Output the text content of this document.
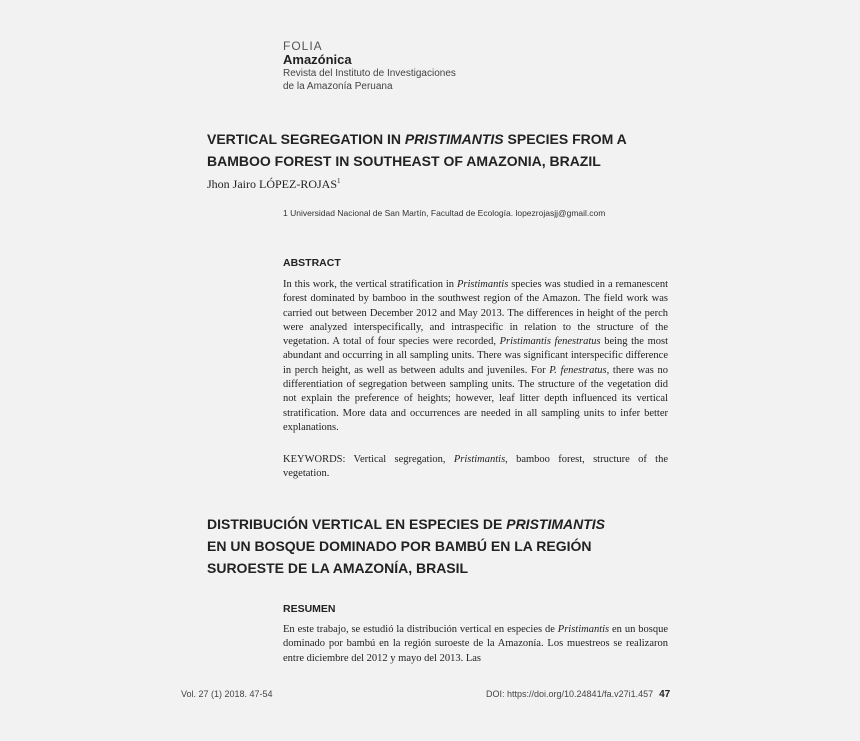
FOLIA
Amazónica
Revista del Instituto de Investigaciones
de la Amazonía Peruana
VERTICAL SEGREGATION IN PRISTIMANTIS SPECIES FROM A BAMBOO FOREST IN SOUTHEAST OF AMAZONIA, BRAZIL
Jhon Jairo LÓPEZ-ROJAS$^1$
1 Universidad Nacional de San Martín, Facultad de Ecología. lopezrojasjj@gmail.com
ABSTRACT
In this work, the vertical stratification in Pristimantis species was studied in a remanescent forest dominated by bamboo in the southwest region of the Amazon. The field work was carried out between December 2012 and May 2013. The differences in height of the perch were analyzed interspecifically, and intraspecific in relation to the structure of the vegetation. A total of four species were recorded, Pristimantis fenestratus being the most abundant and occurring in all sampling units. There was significant interspecific difference in perch height, as well as between adults and juveniles. For P. fenestratus, there was no differentiation of segregation between sampling units. The structure of the vegetation did not explain the preference of heights; however, leaf litter depth influenced its vertical stratification. More data and occurrences are needed in all sampling units to infer better explanations.
KEYWORDS: Vertical segregation, Pristimantis, bamboo forest, structure of the vegetation.
DISTRIBUCIÓN VERTICAL EN ESPECIES DE PRISTIMANTIS
EN UN BOSQUE DOMINADO POR BAMBÚ EN LA REGIÓN SUROESTE DE LA AMAZONÍA, BRASIL
RESUMEN
En este trabajo, se estudió la distribución vertical en especies de Pristimantis en un bosque dominado por bambú en la región suroeste de la Amazonía. Los muestreos se realizaron entre diciembre del 2012 y mayo del 2013. Las
Vol. 27 (1) 2018. 47-54	DOI: https://doi.org/10.24841/fa.v27i1.457 47
